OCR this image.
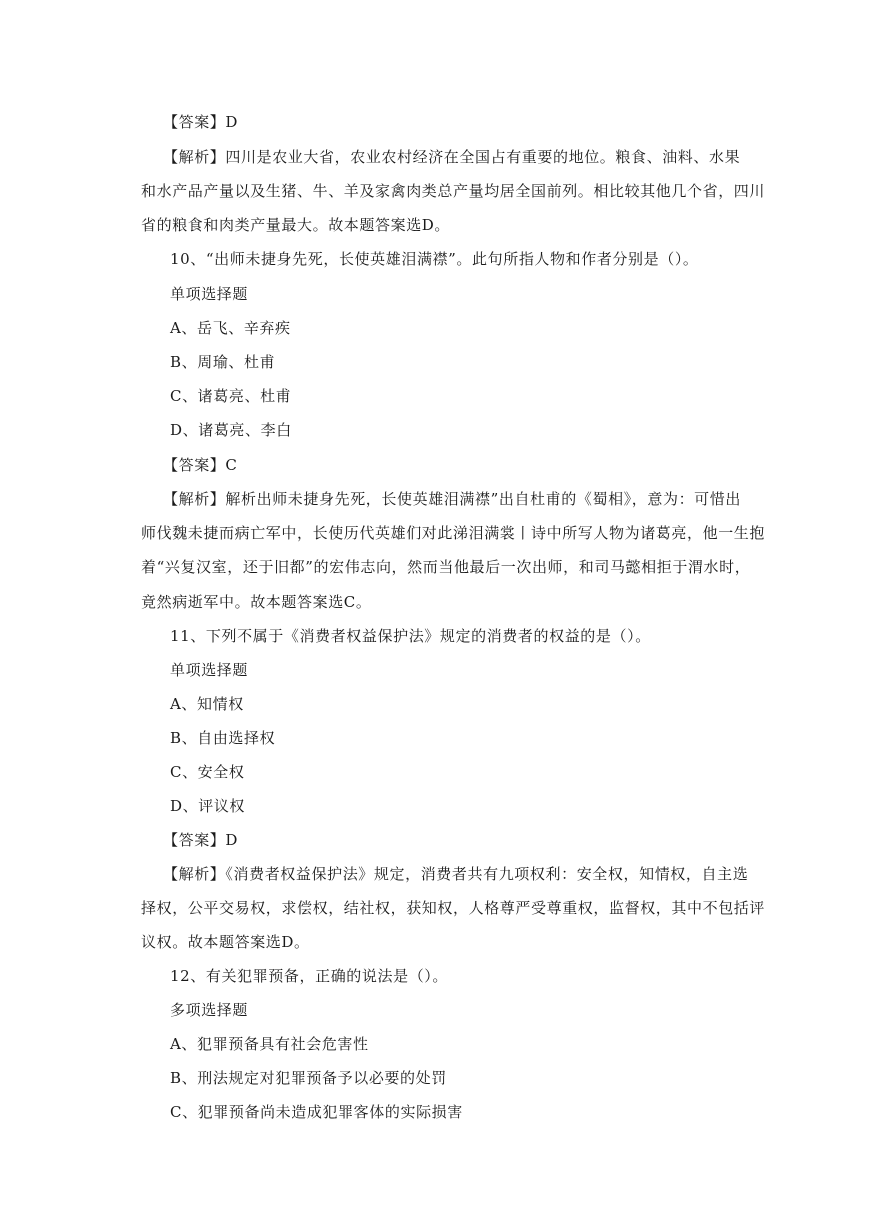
【答案】D
【解析】四川是农业大省，农业农村经济在全国占有重要的地位。粮食、油料、水果
和水产品产量以及生猪、牛、羊及家禽肉类总产量均居全国前列。相比较其他几个省，四川
省的粮食和肉类产量最大。故本题答案选D。
10、“出师未捷身先死，长使英雄泪满襟”。此句所指人物和作者分别是（）。
单项选择题
A、岳飞、辛弃疾
B、周瑜、杜甫
C、诸葛亮、杜甫
D、诸葛亮、李白
【答案】C
【解析】解析出师未捷身先死，长使英雄泪满襟”出自杜甫的《蜀相》，意为：可惜出
师伐魏未捷而病亡军中，长使历代英雄们对此涕泪满裳丨诗中所写人物为诸葛亮，他一生抱
着“兴复汉室，还于旧都”的宏伟志向，然而当他最后一次出师，和司马懿相拒于渭水时，
竟然病逝军中。故本题答案选C。
11、下列不属于《消费者权益保护法》规定的消费者的权益的是（）。
单项选择题
A、知情权
B、自由选择权
C、安全权
D、评议权
【答案】D
【解析】《消费者权益保护法》规定，消费者共有九项权利：安全权，知情权，自主选
择权，公平交易权，求偿权，结社权，获知权，人格尊严受尊重权，监督权，其中不包括评
议权。故本题答案选D。
12、有关犯罪预备，正确的说法是（）。
多项选择题
A、犯罪预备具有社会危害性
B、刑法规定对犯罪预备予以必要的处罚
C、犯罪预备尚未造成犯罪客体的实际损害
